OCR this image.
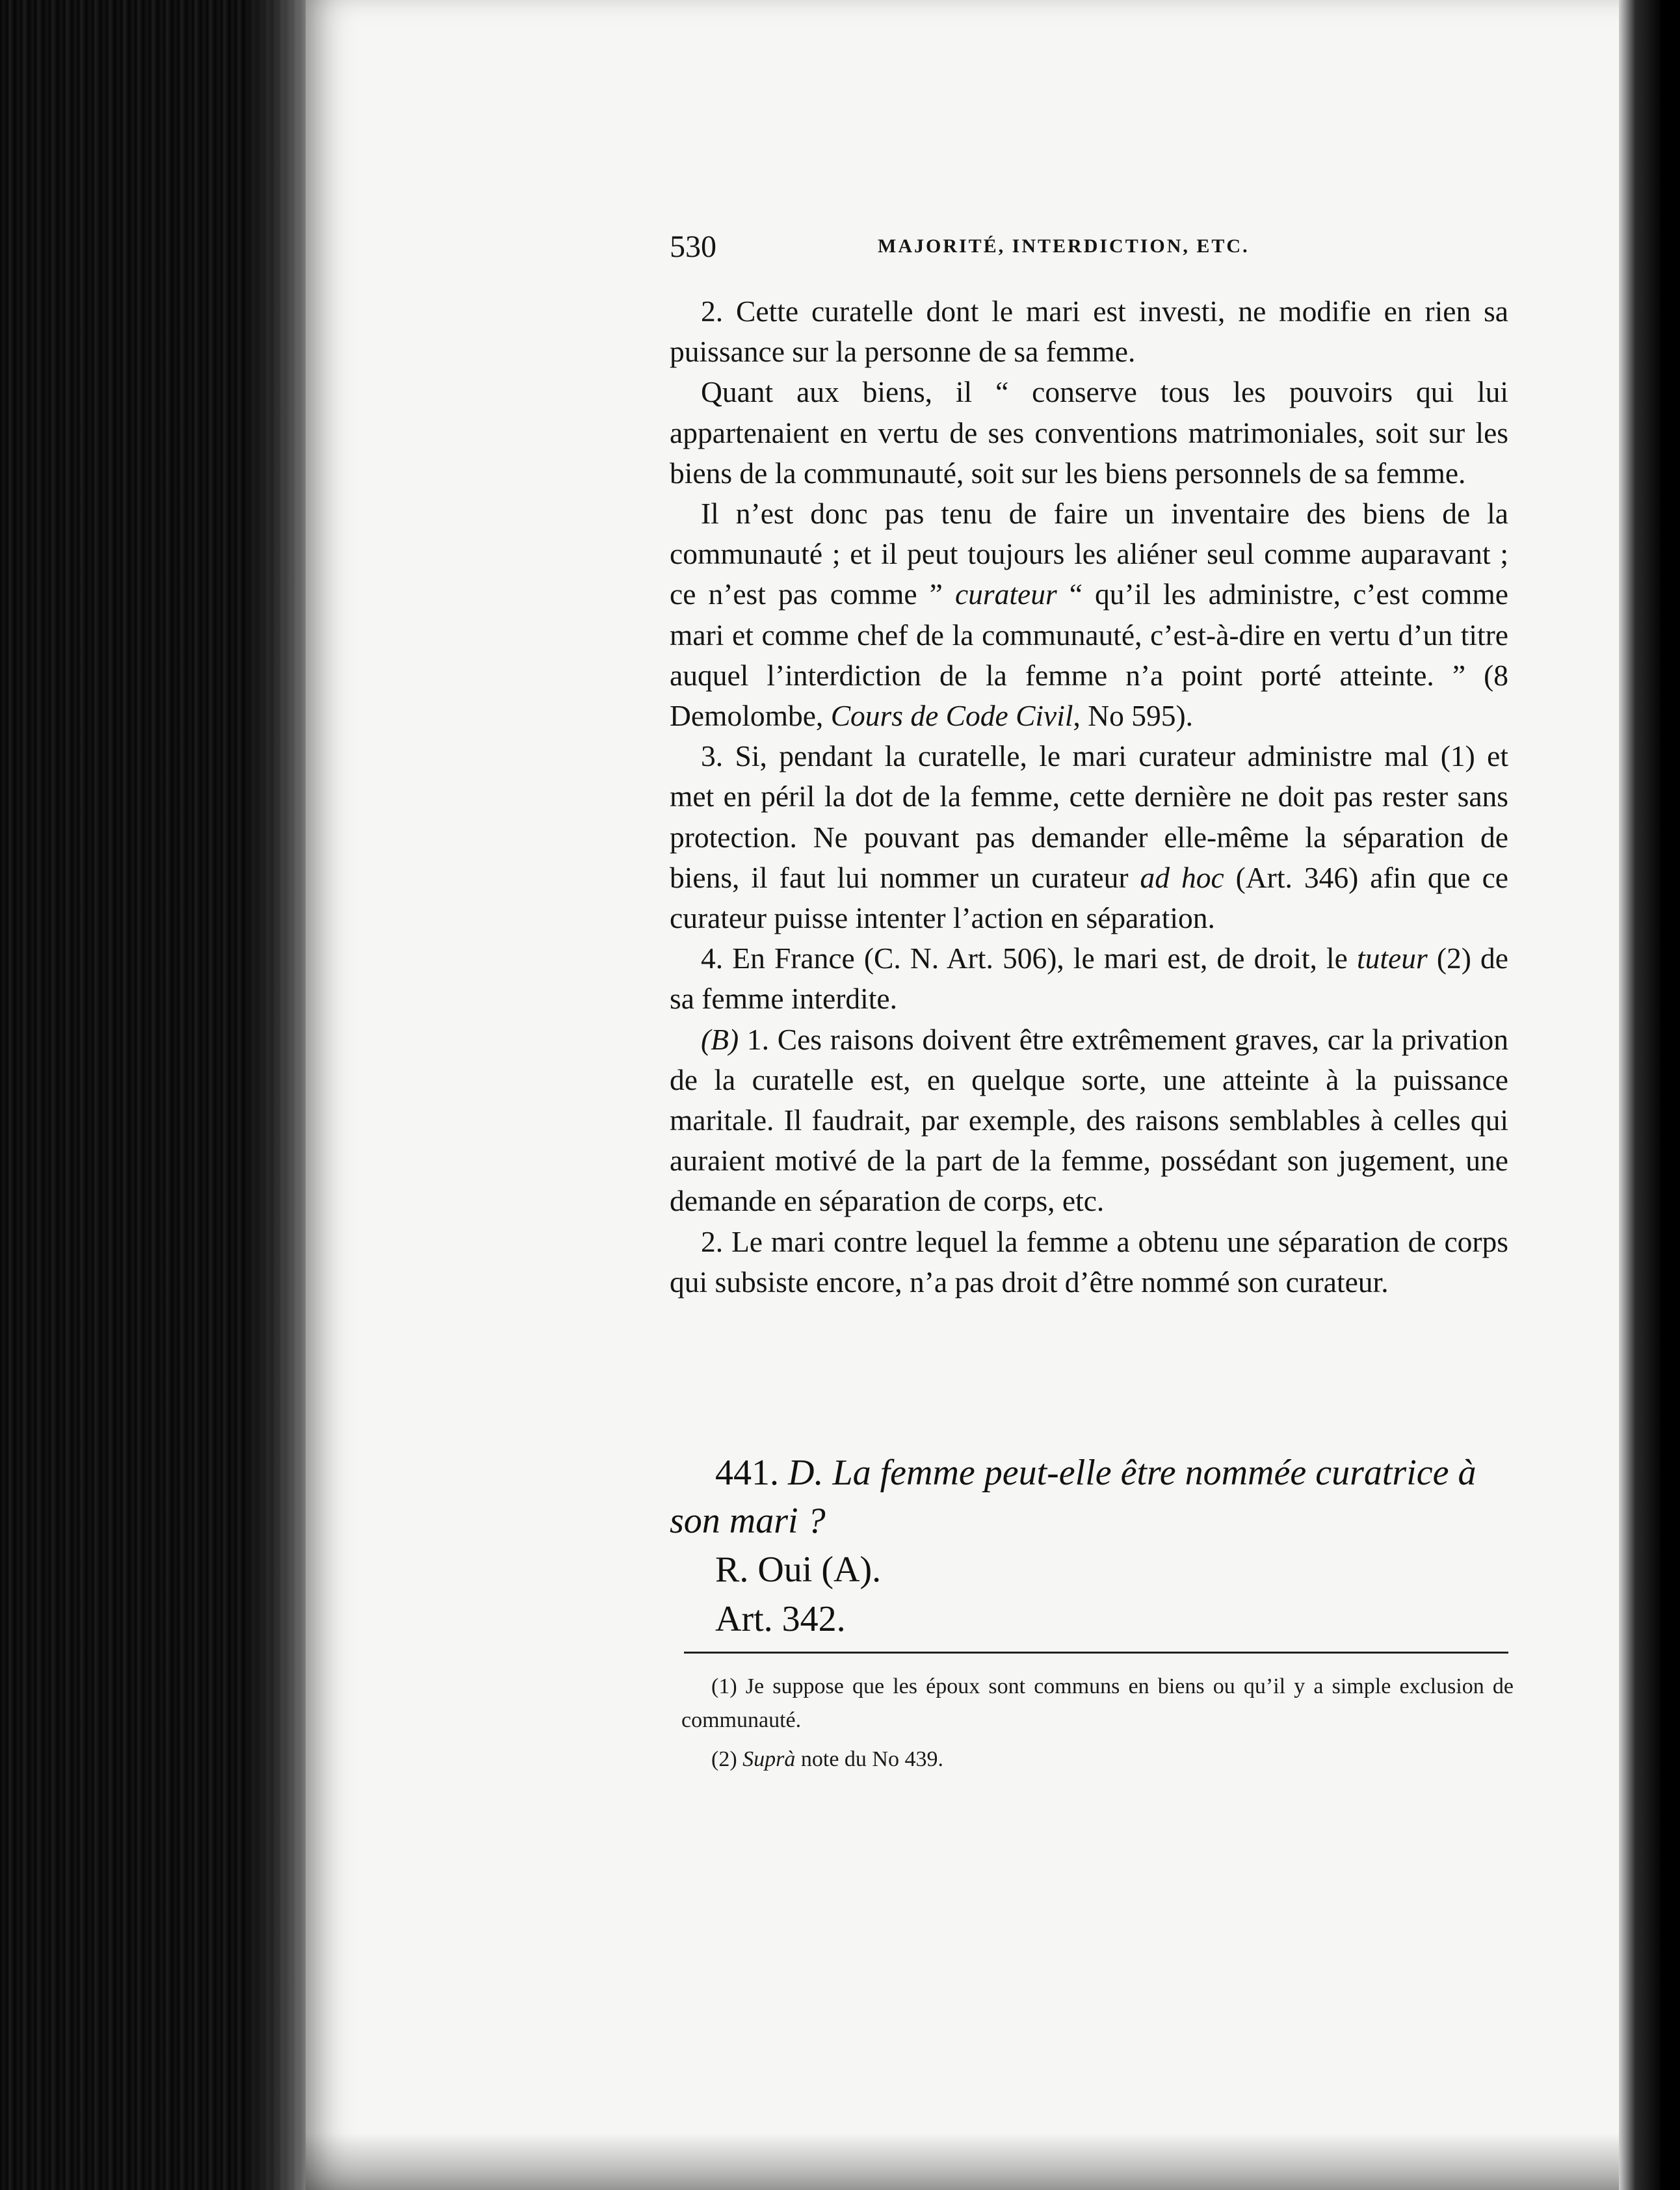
530	MAJORITÉ, INTERDICTION, ETC.

2. Cette curatelle dont le mari est investi, ne modifie en rien sa puissance sur la personne de sa femme.

Quant aux biens, il “ conserve tous les pouvoirs qui lui appartenaient en vertu de ses conventions matrimoniales, soit sur les biens de la communauté, soit sur les biens personnels de sa femme.

Il n’est donc pas tenu de faire un inventaire des biens de la communauté ; et il peut toujours les aliéner seul comme auparavant ; ce n’est pas comme ” curateur “ qu’il les administre, c’est comme mari et comme chef de la communauté, c’est-à-dire en vertu d’un titre auquel l’interdiction de la femme n’a point porté atteinte. ” (8 Demolombe, Cours de Code Civil, No 595).

3. Si, pendant la curatelle, le mari curateur administre mal (1) et met en péril la dot de la femme, cette dernière ne doit pas rester sans protection. Ne pouvant pas demander elle-même la séparation de biens, il faut lui nommer un curateur ad hoc (Art. 346) afin que ce curateur puisse intenter l’action en séparation.

4. En France (C. N. Art. 506), le mari est, de droit, le tuteur (2) de sa femme interdite.

(B) 1. Ces raisons doivent être extrêmement graves, car la privation de la curatelle est, en quelque sorte, une atteinte à la puissance maritale. Il faudrait, par exemple, des raisons semblables à celles qui auraient motivé de la part de la femme, possédant son jugement, une demande en séparation de corps, etc.

2. Le mari contre lequel la femme a obtenu une séparation de corps qui subsiste encore, n’a pas droit d’être nommé son curateur.

441. D. La femme peut-elle être nommée curatrice à son mari ?

R. Oui (A).

Art. 342.

(1) Je suppose que les époux sont communs en biens ou qu’il y a simple exclusion de communauté.

(2) Suprà note du No 439.
